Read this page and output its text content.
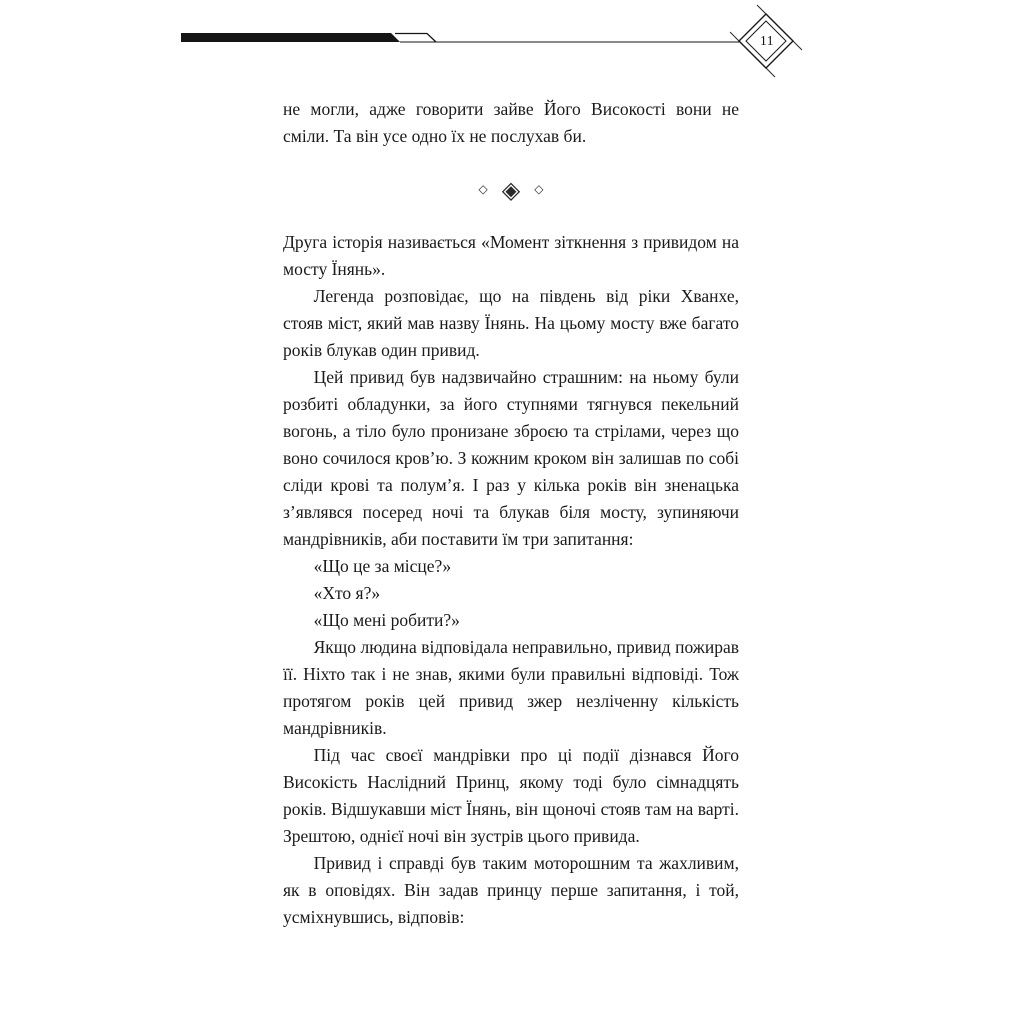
11

не могли, адже говорити зайве Його Високості вони не сміли. Та він усе одно їх не послухав би.

◇ ◈ ◇

Друга історія називається «Момент зіткнення з привидом на мосту Їнянь».

Легенда розповідає, що на південь від ріки Хванхе, стояв міст, який мав назву Їнянь. На цьому мосту вже багато років блукав один привид.

Цей привид був надзвичайно страшним: на ньому були розбиті обладунки, за його ступнями тягнувся пекельний вогонь, а тіло було пронизане зброєю та стрілами, через що воно сочилося кров’ю. З кожним кроком він залишав по собі сліди крові та полум’я. І раз у кілька років він зненацька з’являвся посеред ночі та блукав біля мосту, зупиняючи мандрівників, аби поставити їм три запитання:

«Що це за місце?»

«Хто я?»

«Що мені робити?»

Якщо людина відповідала неправильно, привид пожирав її. Ніхто так і не знав, якими були правильні відповіді. Тож протягом років цей привид зжер незліченну кількість мандрівників.

Під час своєї мандрівки про ці події дізнався Його Високість Наслідний Принц, якому тоді було сімнадцять років. Відшукавши міст Їнянь, він щоночі стояв там на варті. Зрештою, однієї ночі він зустрів цього привида.

Привид і справді був таким моторошним та жахливим, як в оповідях. Він задав принцу перше запитання, і той, усміхнувшись, відповів:
